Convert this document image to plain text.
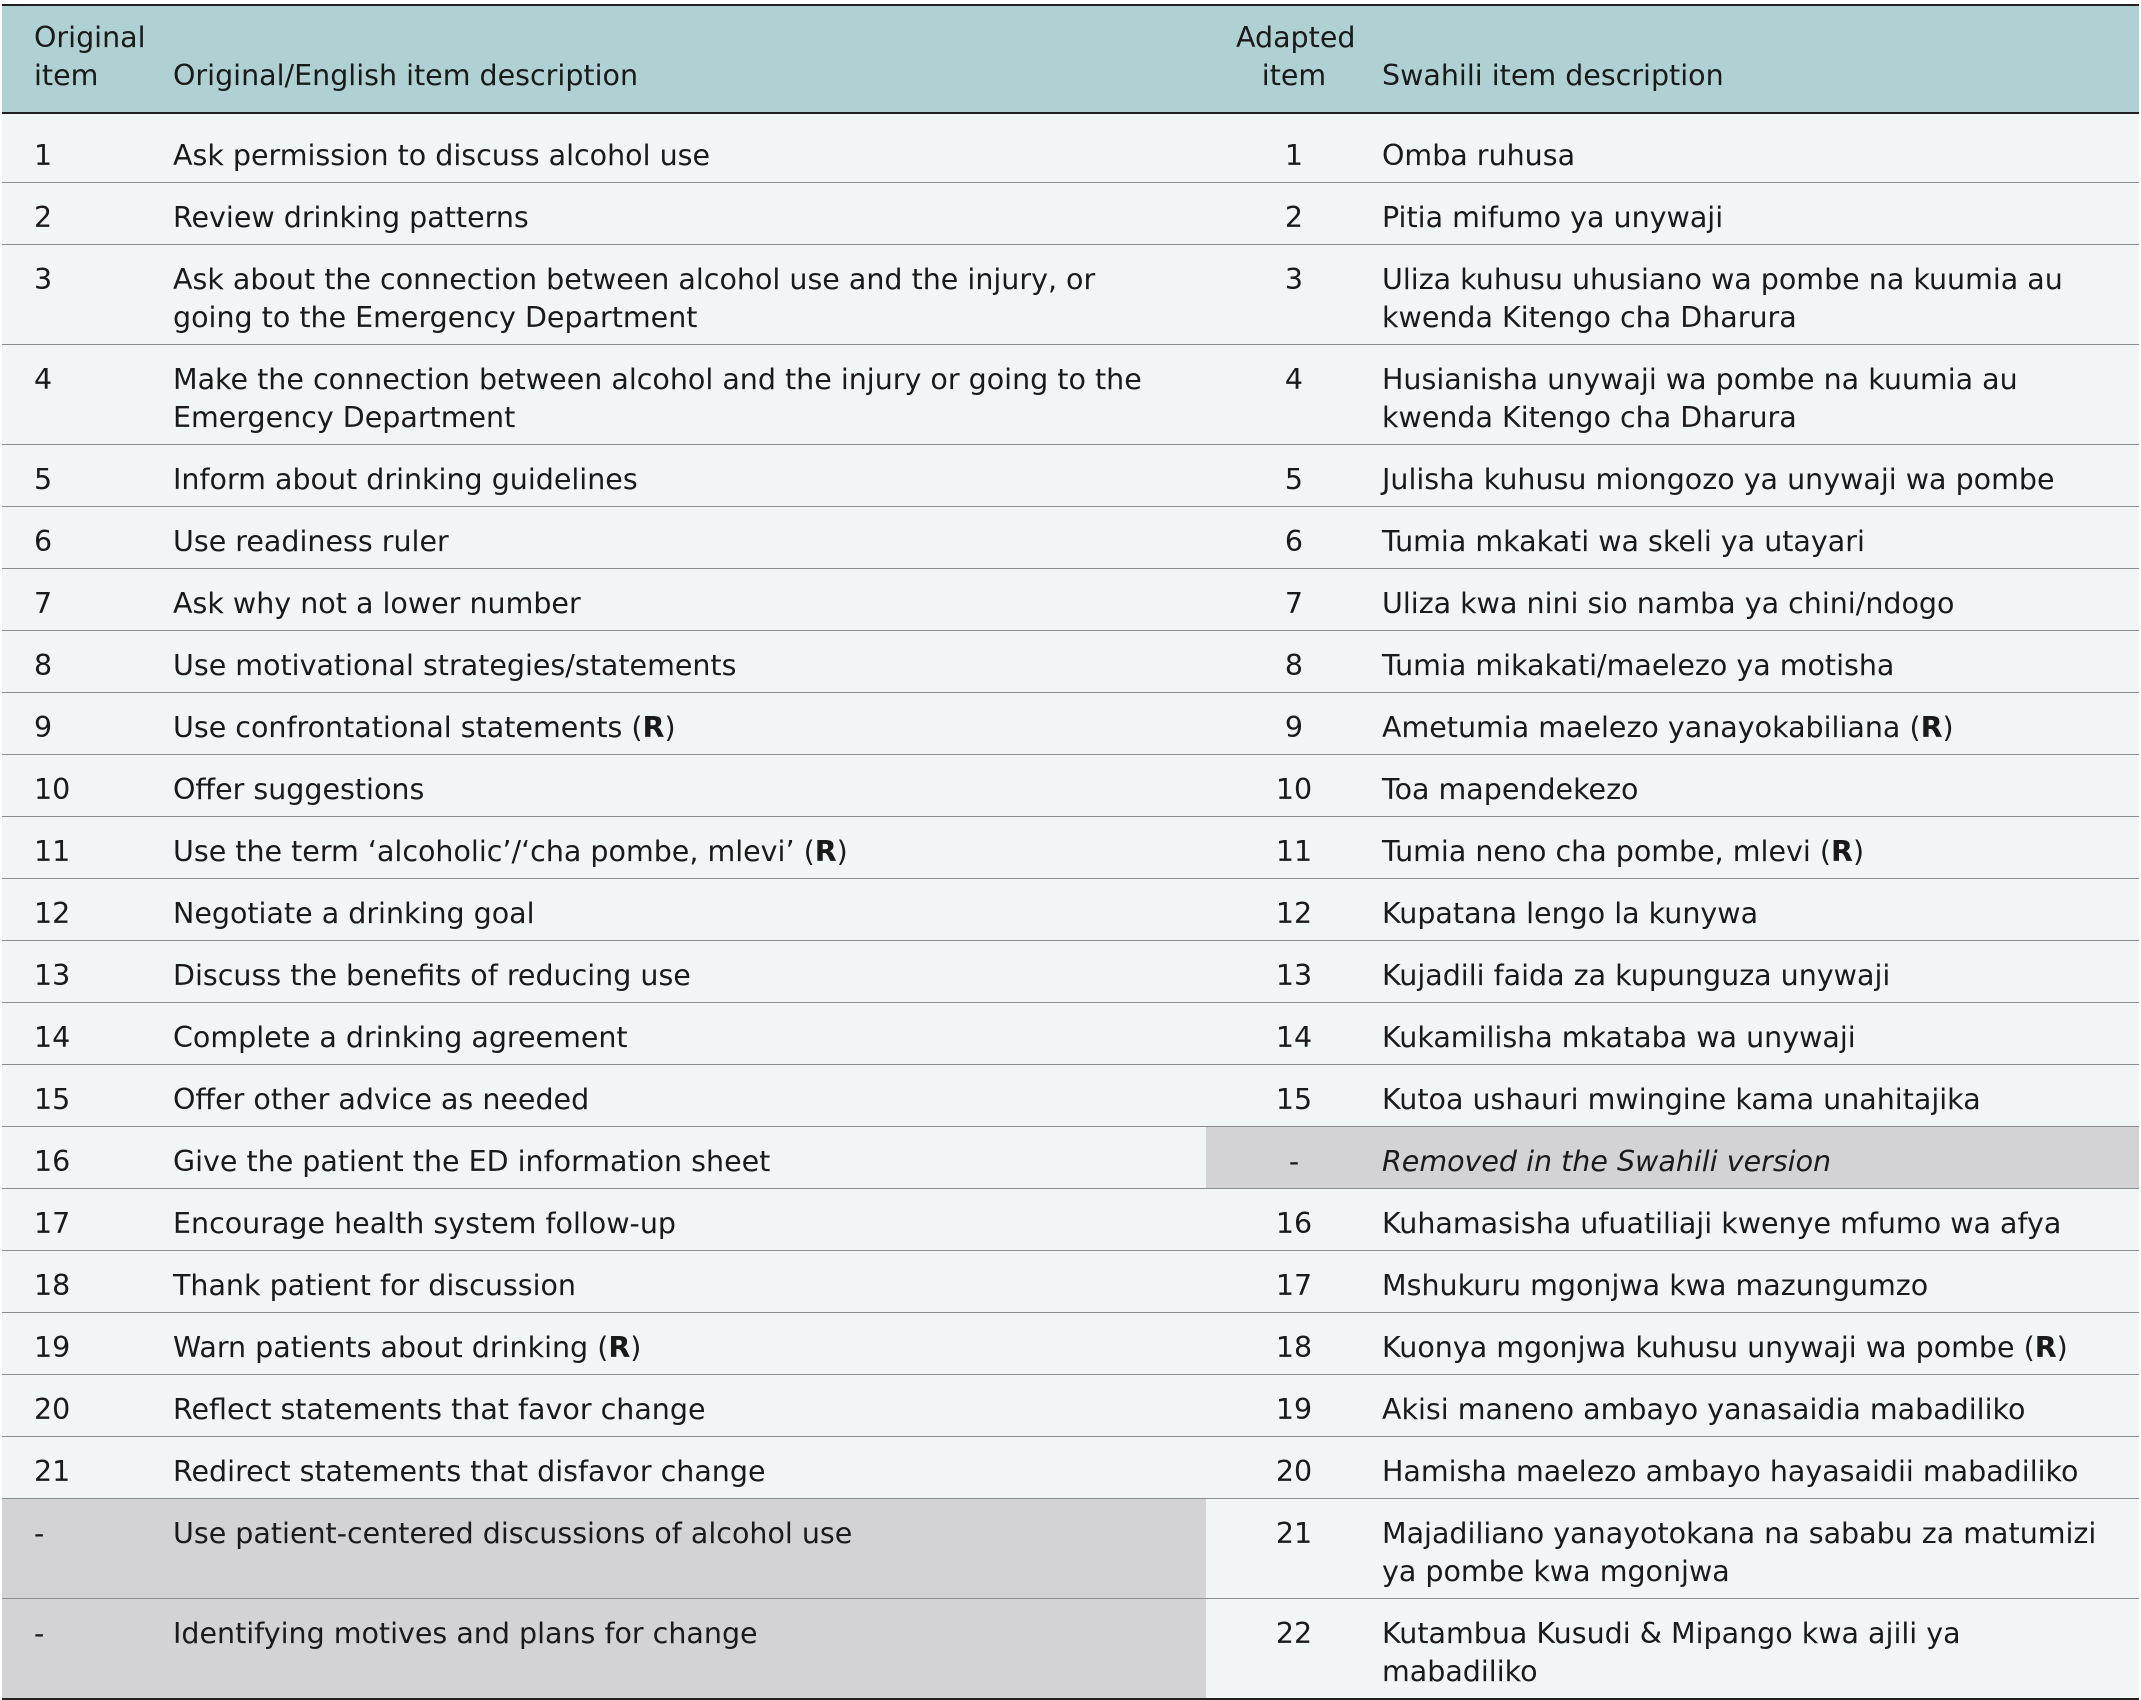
Original item	Original/English item description	Adapted item	Swahili item description
1	Ask permission to discuss alcohol use	1	Omba ruhusa
2	Review drinking patterns	2	Pitia mifumo ya unywaji
3	Ask about the connection between alcohol use and the injury, or going to the Emergency Department	3	Uliza kuhusu uhusiano wa pombe na kuumia au kwenda Kitengo cha Dharura
4	Make the connection between alcohol and the injury or going to the Emergency Department	4	Husianisha unywaji wa pombe na kuumia au kwenda Kitengo cha Dharura
5	Inform about drinking guidelines	5	Julisha kuhusu miongozo ya unywaji wa pombe
6	Use readiness ruler	6	Tumia mkakati wa skeli ya utayari
7	Ask why not a lower number	7	Uliza kwa nini sio namba ya chini/ndogo
8	Use motivational strategies/statements	8	Tumia mikakati/maelezo ya motisha
9	Use confrontational statements (R)	9	Ametumia maelezo yanayokabiliana (R)
10	Offer suggestions	10	Toa mapendekezo
11	Use the term ‘alcoholic’/‘cha pombe, mlevi’ (R)	11	Tumia neno cha pombe, mlevi (R)
12	Negotiate a drinking goal	12	Kupatana lengo la kunywa
13	Discuss the benefits of reducing use	13	Kujadili faida za kupunguza unywaji
14	Complete a drinking agreement	14	Kukamilisha mkataba wa unywaji
15	Offer other advice as needed	15	Kutoa ushauri mwingine kama unahitajika
16	Give the patient the ED information sheet	-	Removed in the Swahili version
17	Encourage health system follow-up	16	Kuhamasisha ufuatiliaji kwenye mfumo wa afya
18	Thank patient for discussion	17	Mshukuru mgonjwa kwa mazungumzo
19	Warn patients about drinking (R)	18	Kuonya mgonjwa kuhusu unywaji wa pombe (R)
20	Reflect statements that favor change	19	Akisi maneno ambayo yanasaidia mabadiliko
21	Redirect statements that disfavor change	20	Hamisha maelezo ambayo hayasaidii mabadiliko
-	Use patient-centered discussions of alcohol use	21	Majadiliano yanayotokana na sababu za matumizi ya pombe kwa mgonjwa
-	Identifying motives and plans for change	22	Kutambua Kusudi & Mipango kwa ajili ya mabadiliko
